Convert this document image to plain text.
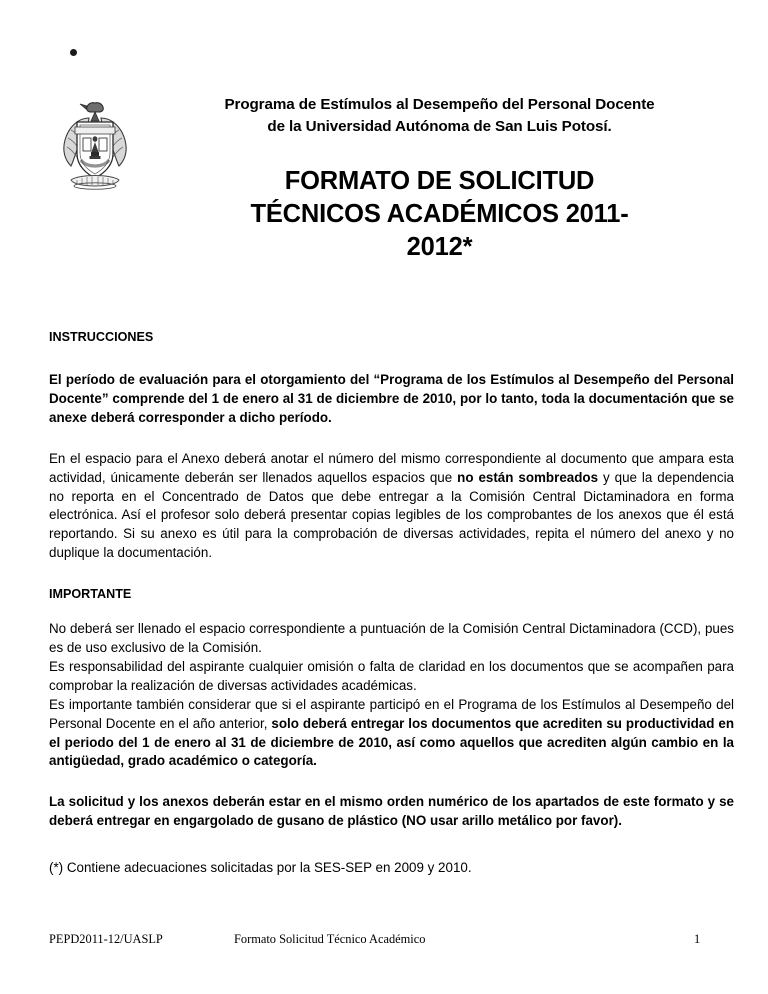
Programa de Estímulos al Desempeño del Personal Docente
de la Universidad Autónoma de San Luis Potosí.
FORMATO DE SOLICITUD
TÉCNICOS ACADÉMICOS 2011-
2012*
INSTRUCCIONES

El período de evaluación para el otorgamiento del “Programa de los Estímulos al Desempeño del Personal Docente” comprende del 1 de enero al 31 de diciembre de 2010, por lo tanto, toda la documentación que se anexe deberá corresponder a dicho período.

En el espacio para el Anexo deberá anotar el número del mismo correspondiente al documento que ampara esta actividad, únicamente deberán ser llenados aquellos espacios que no están sombreados y que la dependencia no reporta en el Concentrado de Datos que debe entregar a la Comisión Central Dictaminadora en forma electrónica. Así el profesor solo deberá presentar copias legibles de los comprobantes de los anexos que él está reportando. Si su anexo es útil para la comprobación de diversas actividades, repita el número del anexo y no duplique la documentación.

IMPORTANTE

No deberá ser llenado el espacio correspondiente a puntuación de la Comisión Central Dictaminadora (CCD), pues es de uso exclusivo de la Comisión.

Es responsabilidad del aspirante cualquier omisión o falta de claridad en los documentos que se acompañen para comprobar la realización de diversas actividades académicas.

Es importante también considerar que si el aspirante participó en el Programa de los Estímulos al Desempeño del Personal Docente en el año anterior, solo deberá entregar los documentos que acrediten su productividad en el periodo del 1 de enero al 31 de diciembre de 2010, así como aquellos que acrediten algún cambio en la antigüedad, grado académico o categoría.

La solicitud y los anexos deberán estar en el mismo orden numérico de los apartados de este formato y se deberá entregar en engargolado de gusano de plástico (NO usar arillo metálico por favor).

(*) Contiene adecuaciones solicitadas por la SES-SEP en 2009 y 2010.

PEPD2011-12/UASLP	Formato Solicitud Técnico Académico	1
